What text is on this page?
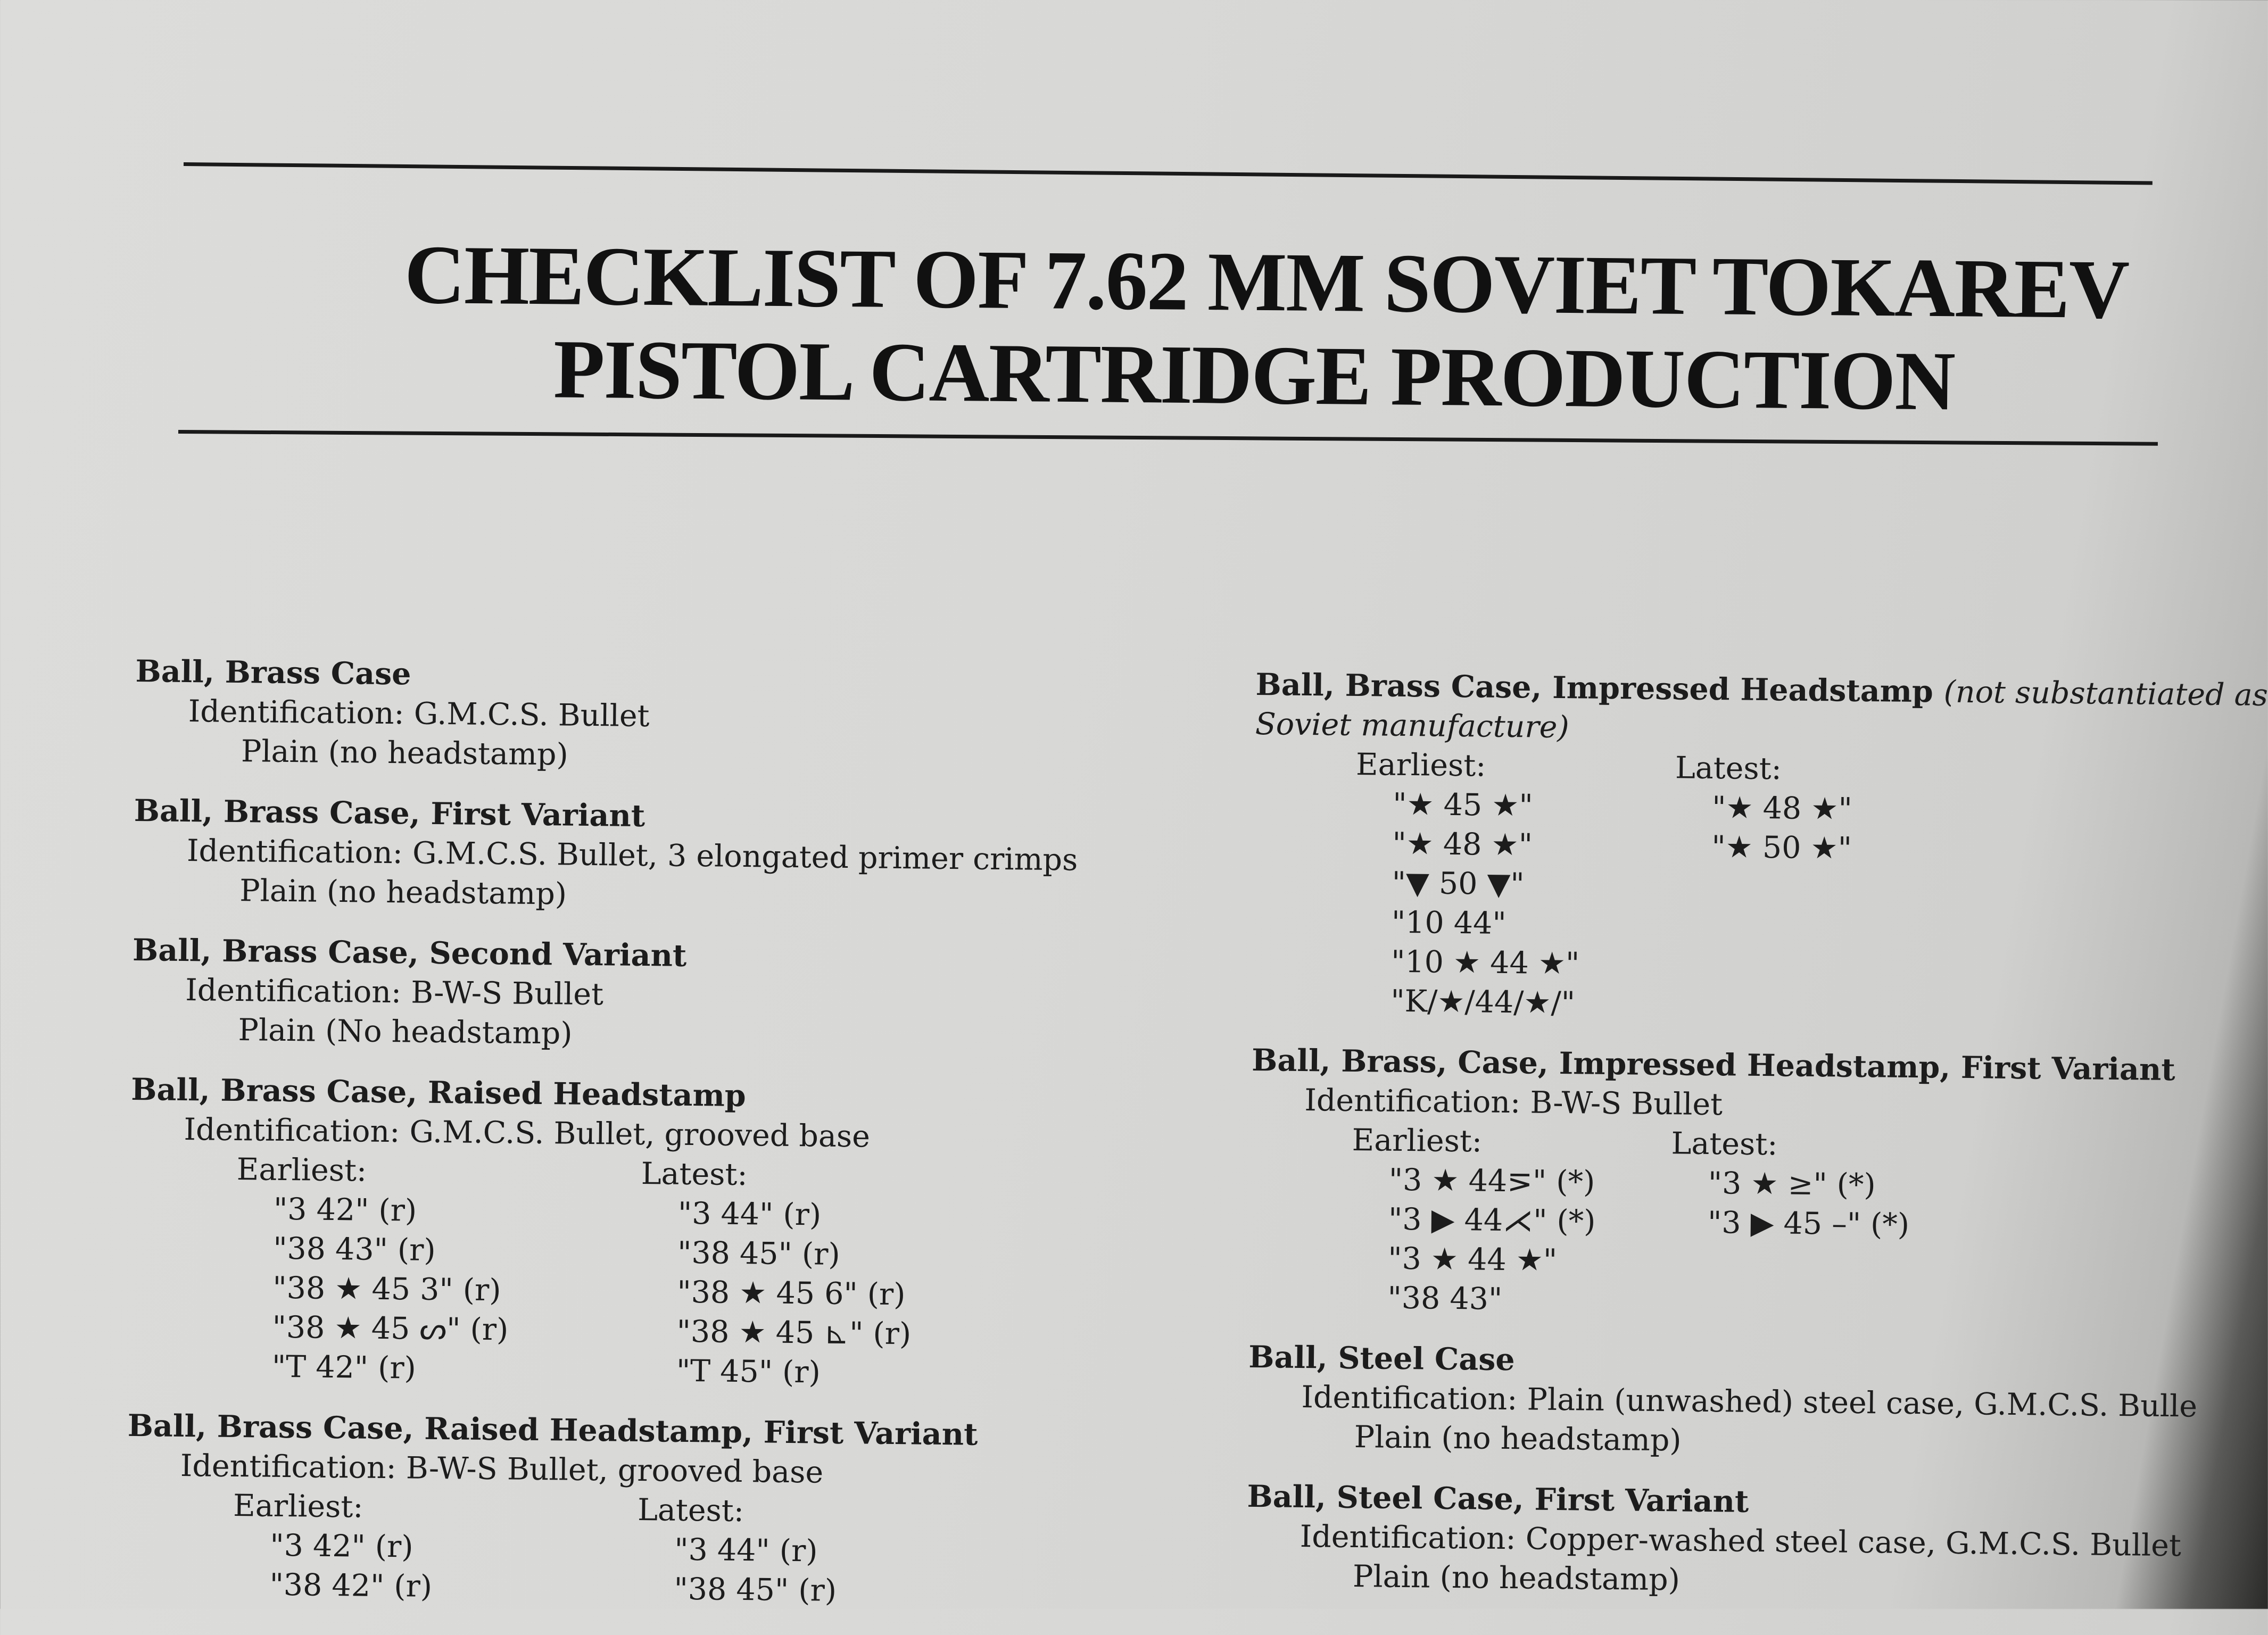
CHECKLIST OF 7.62 MM SOVIET TOKAREV
PISTOL CARTRIDGE PRODUCTION
Ball, Brass Case
Identification: G.M.C.S. Bullet
Plain (no headstamp)
Ball, Brass Case, First Variant
Identification: G.M.C.S. Bullet, 3 elongated primer crimps
Plain (no headstamp)
Ball, Brass Case, Second Variant
Identification: B-W-S Bullet
Plain (No headstamp)
Ball, Brass Case, Raised Headstamp
Identification: G.M.C.S. Bullet, grooved base
Earliest:
"3 42" (r)
"38 43" (r)
"38 ★ 45 3" (r)
"38 ★ 45 ᔕ" (r)
"T 42" (r)
Latest:
"3 44" (r)
"38 45" (r)
"38 ★ 45 6" (r)
"38 ★ 45 ⊾" (r)
"T 45" (r)
Ball, Brass Case, Raised Headstamp, First Variant
Identification: B-W-S Bullet, grooved base
Earliest:
"3 42" (r)
"38 42" (r)
Latest:
"3 44" (r)
"38 45" (r)
Ball, Brass Case, Impressed Headstamp (not substantiated as
Soviet manufacture)
Earliest:
"★ 45 ★"
"★ 48 ★"
"▼ 50 ▼"
"10 44"
"10 ★ 44 ★"
"K/★/44/★/"
Latest:
"★ 48 ★"
"★ 50 ★"
Ball, Brass, Case, Impressed Headstamp, First Variant
Identification: B-W-S Bullet
Earliest:
"3 ★ 44⋝" (*)
"3 ▶ 44⋌" (*)
"3 ★ 44 ★"
"38 43"
Latest:
"3 ★ ≥" (*)
"3 ▶ 45 –" (*)
Ball, Steel Case
Identification: Plain (unwashed) steel case, G.M.C.S. Bulle
Plain (no headstamp)
Ball, Steel Case, First Variant
Identification: Copper-washed steel case, G.M.C.S. Bullet
Plain (no headstamp)
